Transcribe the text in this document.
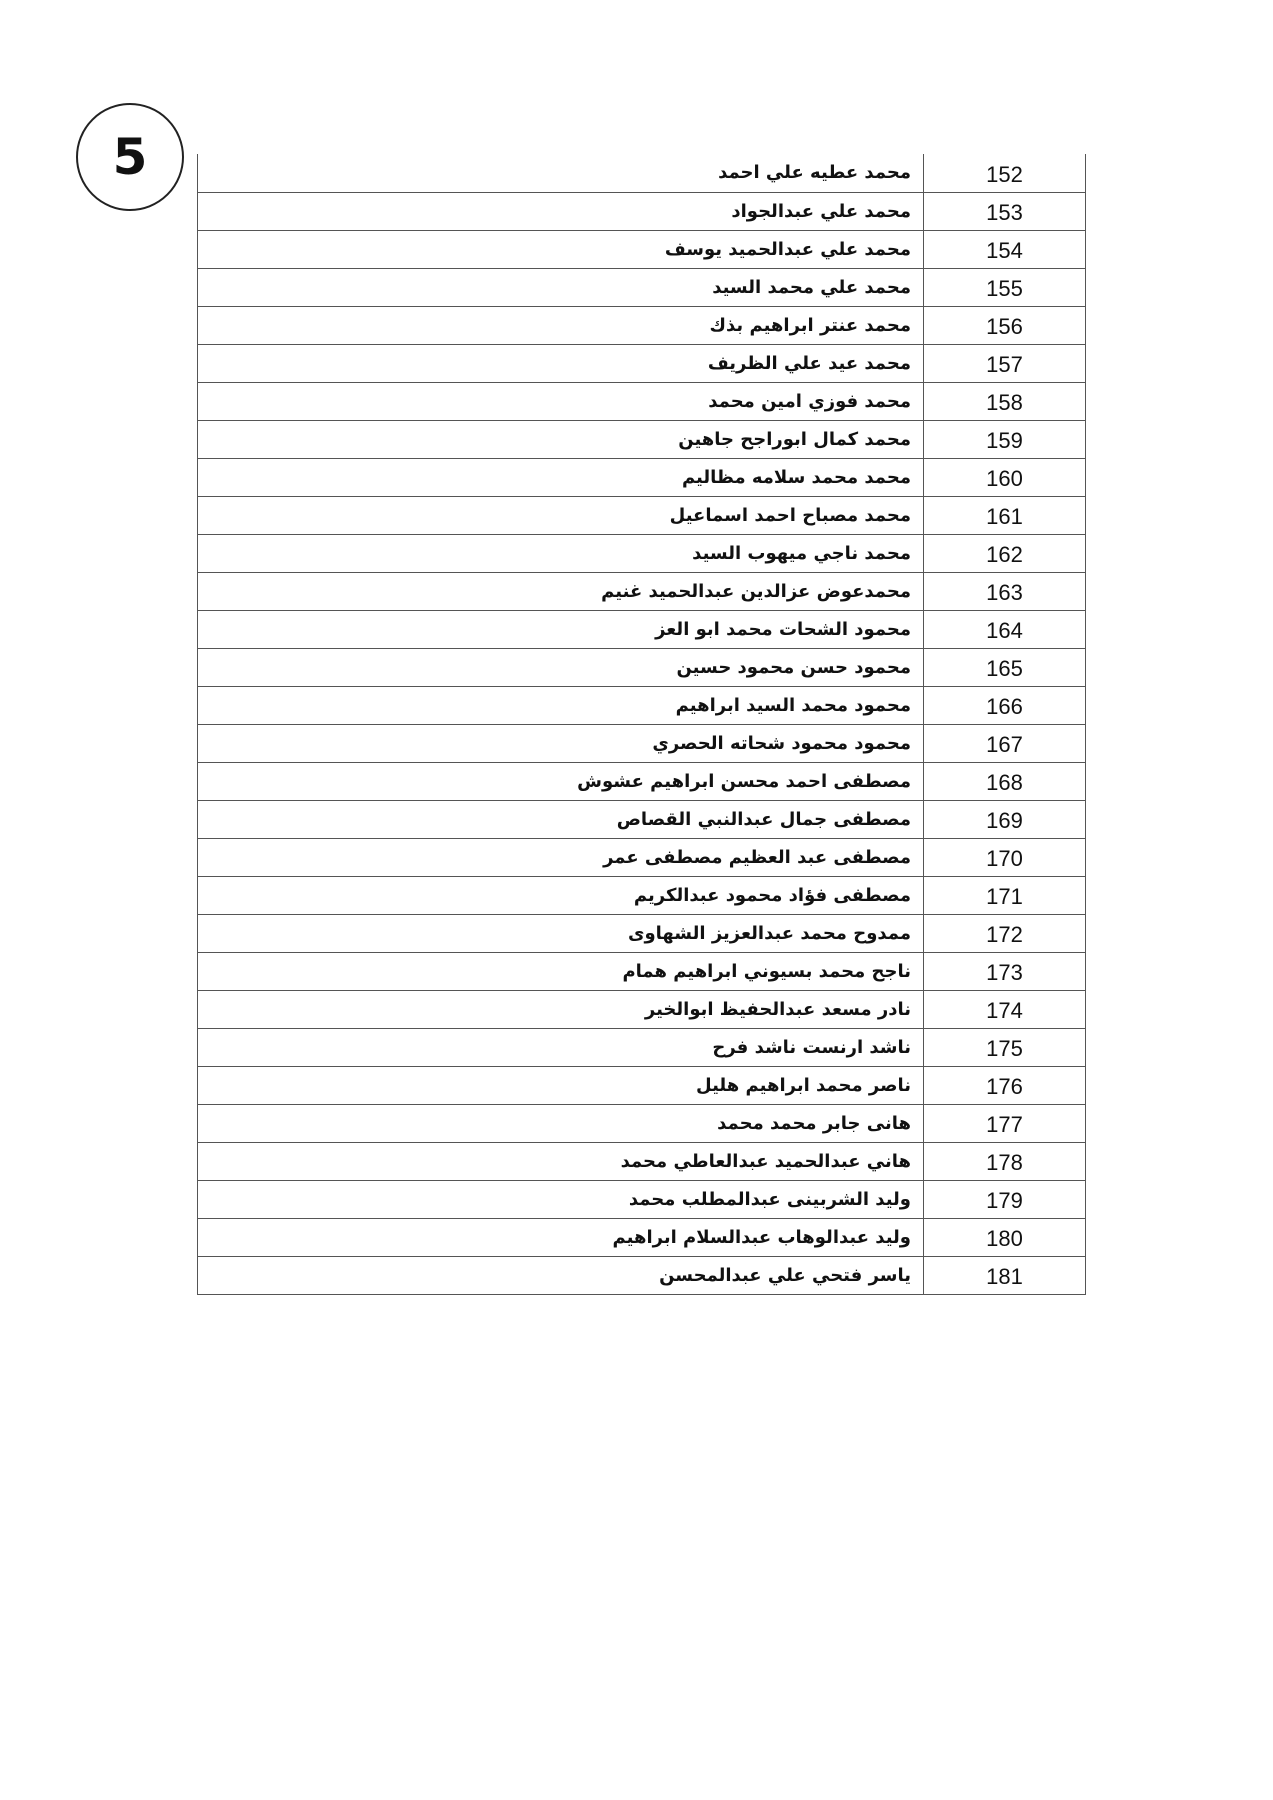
5	محمد عطيه علي احمد	152
محمد علي عبدالجواد	153
محمد علي عبدالحميد يوسف	154
محمد علي محمد السيد	155
محمد عنتر ابراهيم بذك	156
محمد عيد علي الظريف	157
محمد فوزي امين محمد	158
محمد كمال ابوراجح جاهين	159
محمد محمد سلامه مظاليم	160
محمد مصباح احمد اسماعيل	161
محمد ناجي ميهوب السيد	162
محمدعوض عزالدين عبدالحميد غنيم	163
محمود الشحات محمد ابو العز	164
محمود حسن محمود حسين	165
محمود محمد السيد ابراهيم	166
محمود محمود شحاته الحصري	167
مصطفى احمد محسن ابراهيم عشوش	168
مصطفى جمال عبدالنبي القصاص	169
مصطفى عبد العظيم مصطفى عمر	170
مصطفى فؤاد محمود عبدالكريم	171
ممدوح محمد عبدالعزيز الشهاوى	172
ناجح محمد بسيوني ابراهيم همام	173
نادر مسعد عبدالحفيظ ابوالخير	174
ناشد ارنست ناشد فرح	175
ناصر محمد ابراهيم هليل	176
هانى جابر محمد محمد	177
هاني عبدالحميد عبدالعاطي محمد	178
وليد الشربينى عبدالمطلب محمد	179
وليد عبدالوهاب عبدالسلام ابراهيم	180
ياسر فتحي علي عبدالمحسن	181
